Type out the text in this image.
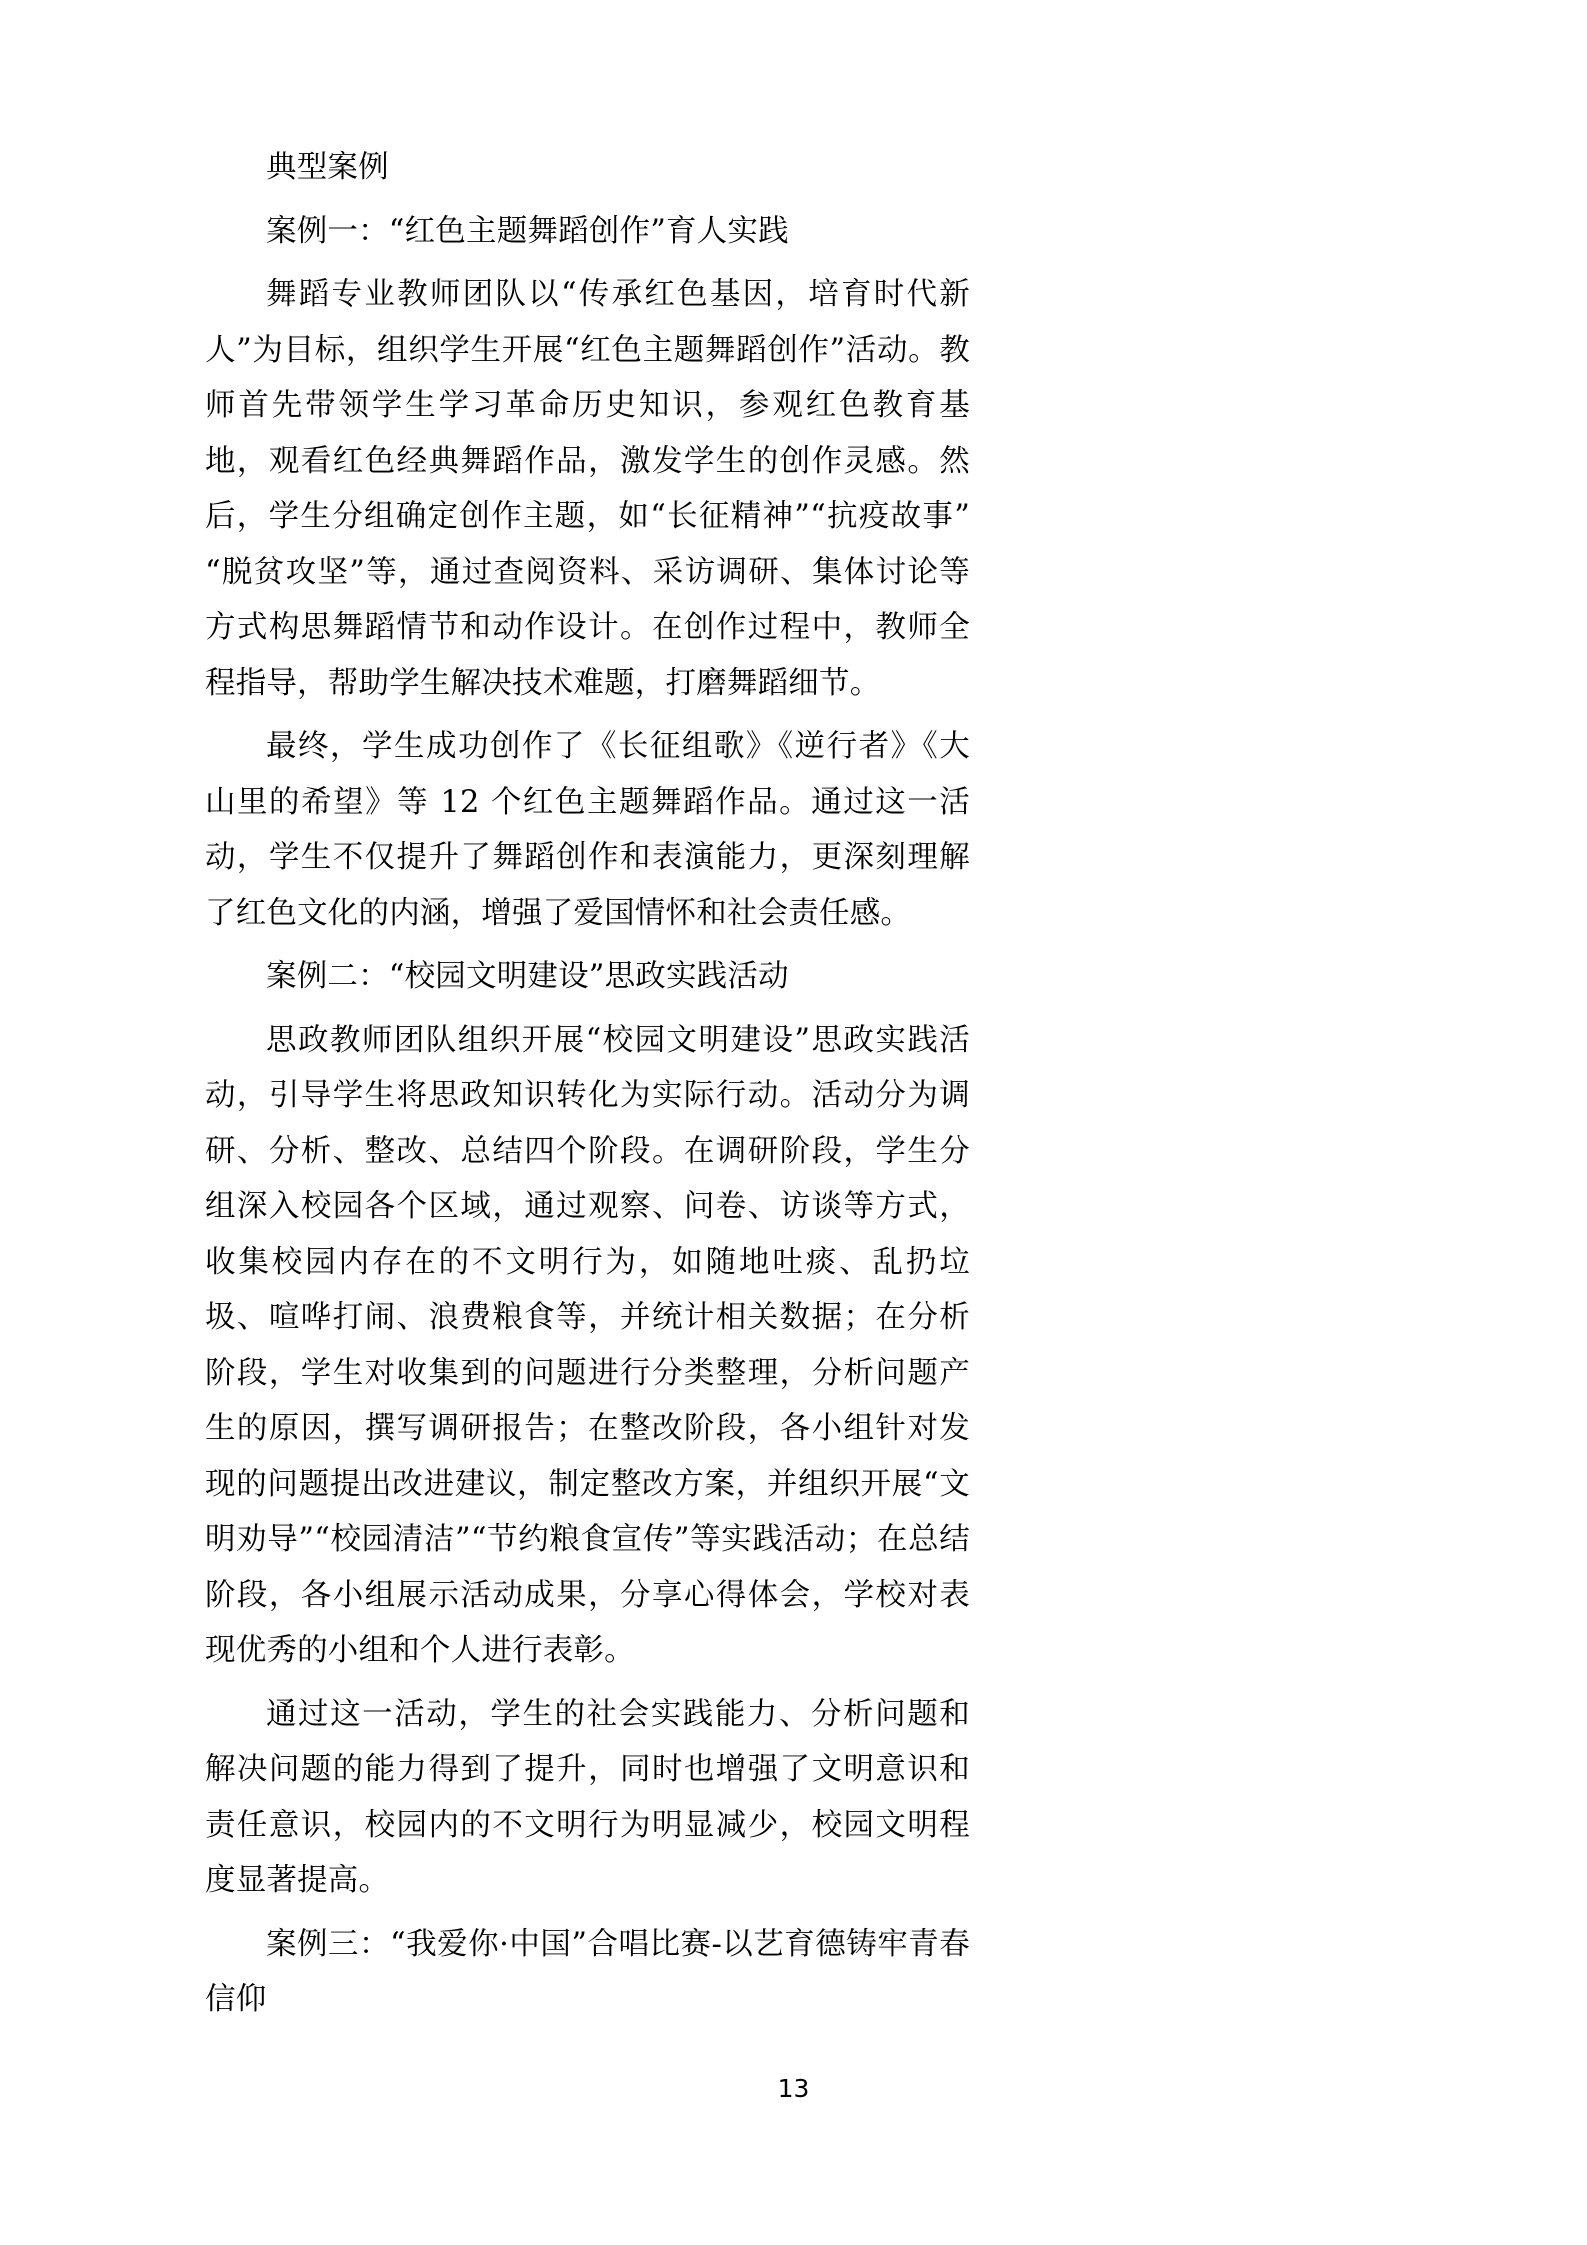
典型案例

案例一：“红色主题舞蹈创作”育人实践

舞蹈专业教师团队以“传承红色基因，培育时代新人”为目标，组织学生开展“红色主题舞蹈创作”活动。教师首先带领学生学习革命历史知识，参观红色教育基地，观看红色经典舞蹈作品，激发学生的创作灵感。然后，学生分组确定创作主题，如“长征精神”“抗疫故事”“脱贫攻坚”等，通过查阅资料、采访调研、集体讨论等方式构思舞蹈情节和动作设计。在创作过程中，教师全程指导，帮助学生解决技术难题，打磨舞蹈细节。

最终，学生成功创作了《长征组歌》《逆行者》《大山里的希望》等 12 个红色主题舞蹈作品。通过这一活动，学生不仅提升了舞蹈创作和表演能力，更深刻理解了红色文化的内涵，增强了爱国情怀和社会责任感。

案例二：“校园文明建设”思政实践活动

思政教师团队组织开展“校园文明建设”思政实践活动，引导学生将思政知识转化为实际行动。活动分为调研、分析、整改、总结四个阶段。在调研阶段，学生分组深入校园各个区域，通过观察、问卷、访谈等方式，收集校园内存在的不文明行为，如随地吐痰、乱扔垃圾、喧哗打闹、浪费粮食等，并统计相关数据；在分析阶段，学生对收集到的问题进行分类整理，分析问题产生的原因，撰写调研报告；在整改阶段，各小组针对发现的问题提出改进建议，制定整改方案，并组织开展“文明劝导”“校园清洁”“节约粮食宣传”等实践活动；在总结阶段，各小组展示活动成果，分享心得体会，学校对表现优秀的小组和个人进行表彰。

通过这一活动，学生的社会实践能力、分析问题和解决问题的能力得到了提升，同时也增强了文明意识和责任意识，校园内的不文明行为明显减少，校园文明程度显著提高。

案例三：“我爱你·中国”合唱比赛-以艺育德铸牢青春信仰

13
